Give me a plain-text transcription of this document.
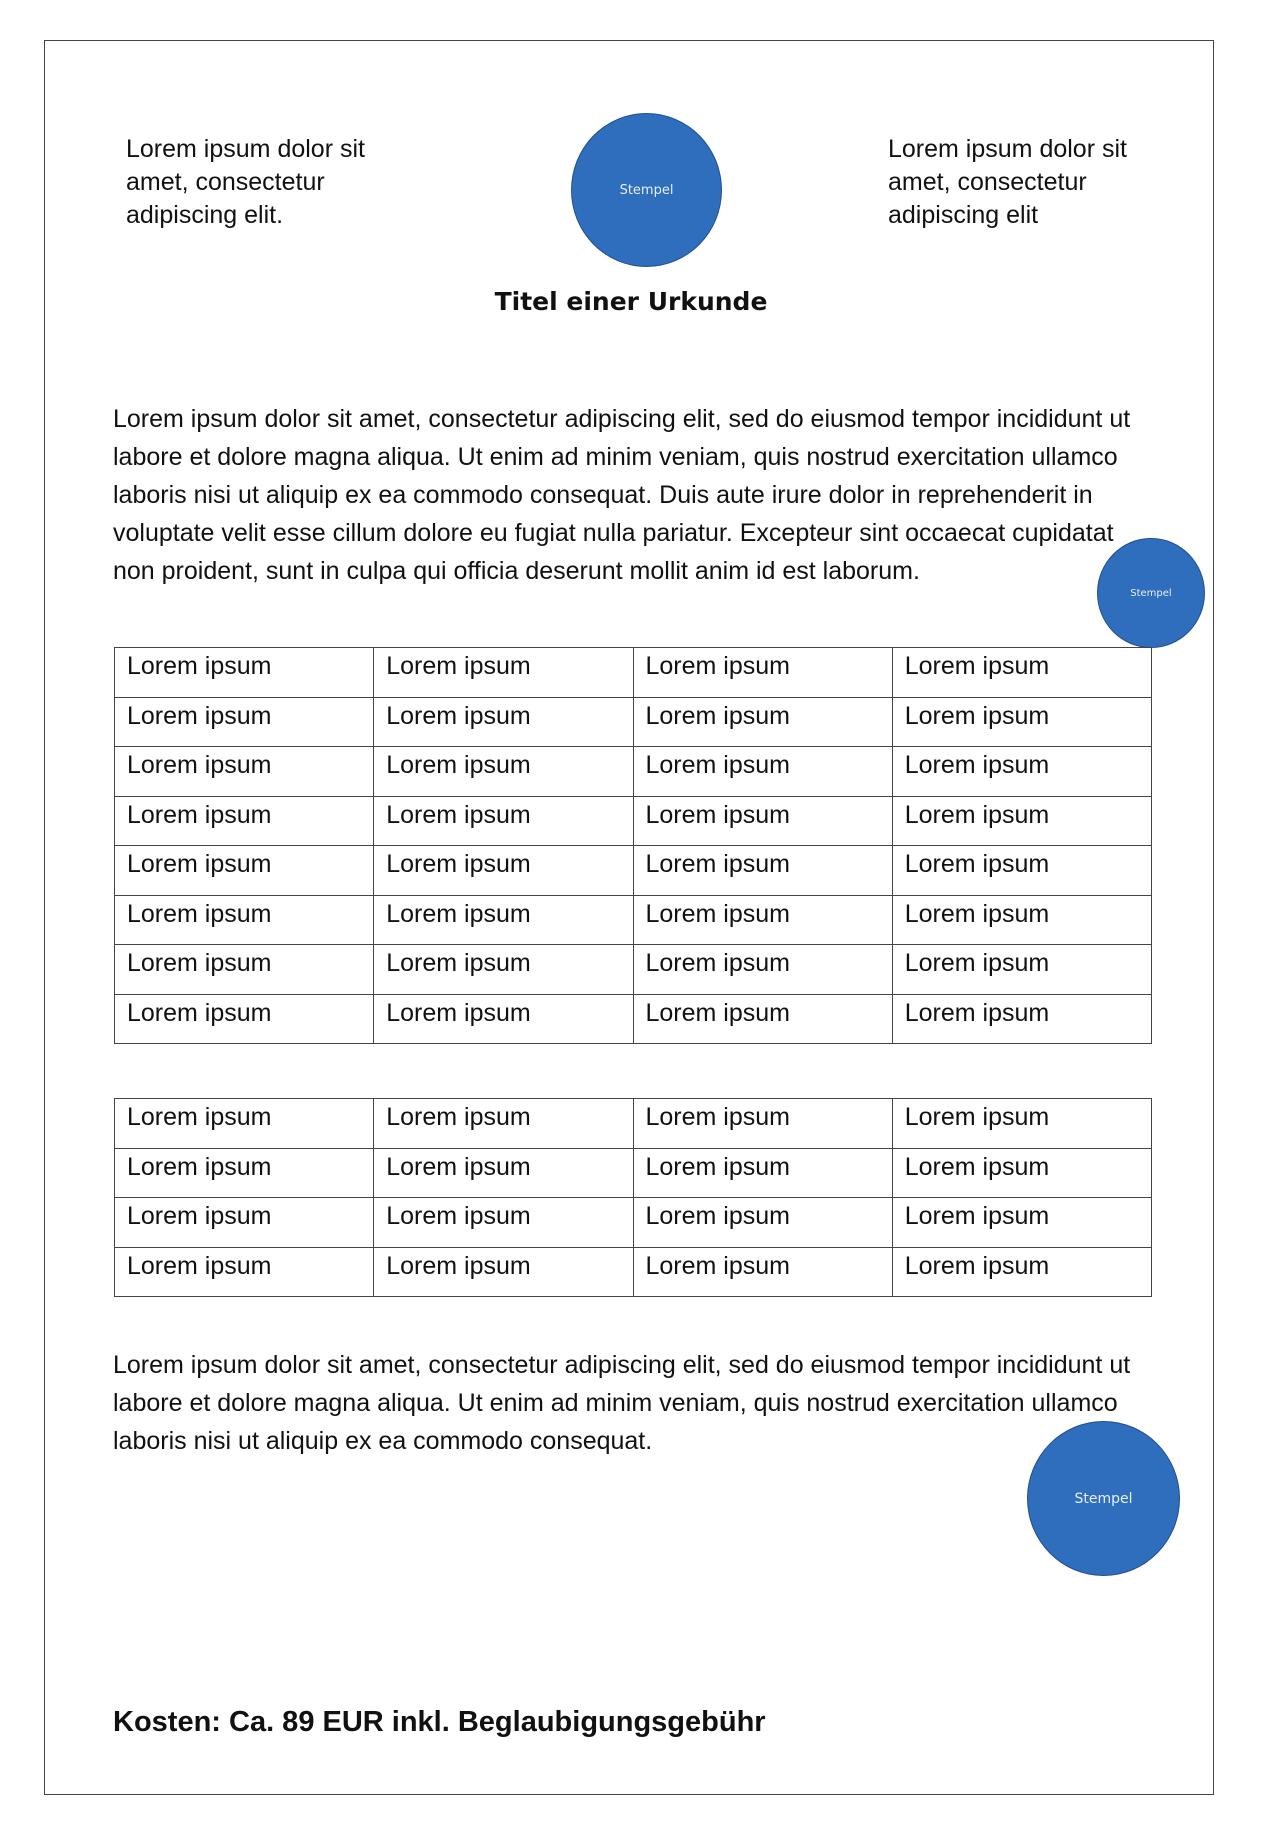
Lorem ipsum dolor sit
amet, consectetur
adipiscing elit.
Stempel
Lorem ipsum dolor sit
amet, consectetur
adipiscing elit
Titel einer Urkunde
Lorem ipsum dolor sit amet, consectetur adipiscing elit, sed do eiusmod tempor incididunt ut labore et dolore magna aliqua. Ut enim ad minim veniam, quis nostrud exercitation ullamco laboris nisi ut aliquip ex ea commodo consequat. Duis aute irure dolor in reprehenderit in voluptate velit esse cillum dolore eu fugiat nulla pariatur. Excepteur sint occaecat cupidatat non proident, sunt in culpa qui officia deserunt mollit anim id est laborum.
Stempel
Lorem ipsum	Lorem ipsum	Lorem ipsum	Lorem ipsum
Lorem ipsum	Lorem ipsum	Lorem ipsum	Lorem ipsum
Lorem ipsum	Lorem ipsum	Lorem ipsum	Lorem ipsum
Lorem ipsum	Lorem ipsum	Lorem ipsum	Lorem ipsum
Lorem ipsum	Lorem ipsum	Lorem ipsum	Lorem ipsum
Lorem ipsum	Lorem ipsum	Lorem ipsum	Lorem ipsum
Lorem ipsum	Lorem ipsum	Lorem ipsum	Lorem ipsum
Lorem ipsum	Lorem ipsum	Lorem ipsum	Lorem ipsum
Lorem ipsum	Lorem ipsum	Lorem ipsum	Lorem ipsum
Lorem ipsum	Lorem ipsum	Lorem ipsum	Lorem ipsum
Lorem ipsum	Lorem ipsum	Lorem ipsum	Lorem ipsum
Lorem ipsum	Lorem ipsum	Lorem ipsum	Lorem ipsum
Lorem ipsum dolor sit amet, consectetur adipiscing elit, sed do eiusmod tempor incididunt ut labore et dolore magna aliqua. Ut enim ad minim veniam, quis nostrud exercitation ullamco laboris nisi ut aliquip ex ea commodo consequat.
Stempel
Kosten: Ca. 89 EUR inkl. Beglaubigungsgebühr
